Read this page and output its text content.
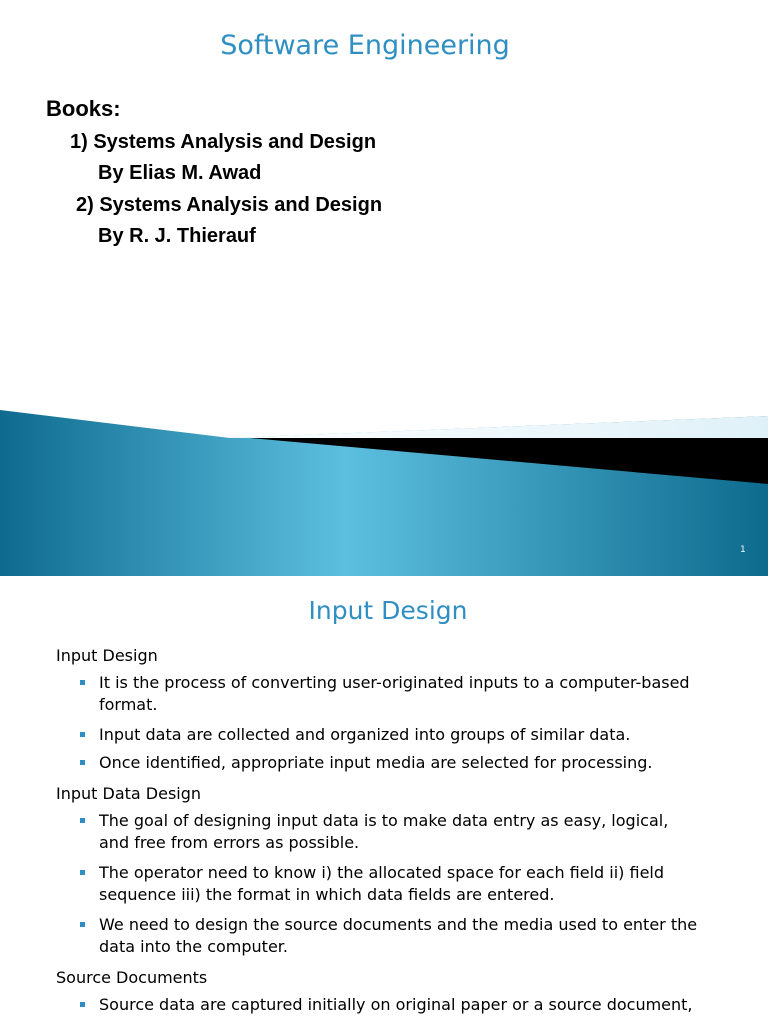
Software Engineering
Books:
1) Systems Analysis and Design
By Elias M. Awad
2) Systems Analysis and Design
By R. J. Thierauf
1
Input Design
Input Design
It is the process of converting user-originated inputs to a computer-based format.
Input data are collected and organized into groups of similar data.
Once identified, appropriate input media are selected for processing.
Input Data Design
The goal of designing input data is to make data entry as easy, logical, and free from errors as possible.
The operator need to know i) the allocated space for each field ii) field sequence iii) the format in which data fields are entered.
We need to design the source documents and the media used to enter the data into the computer.
Source Documents
Source data are captured initially on original paper or a source document,
